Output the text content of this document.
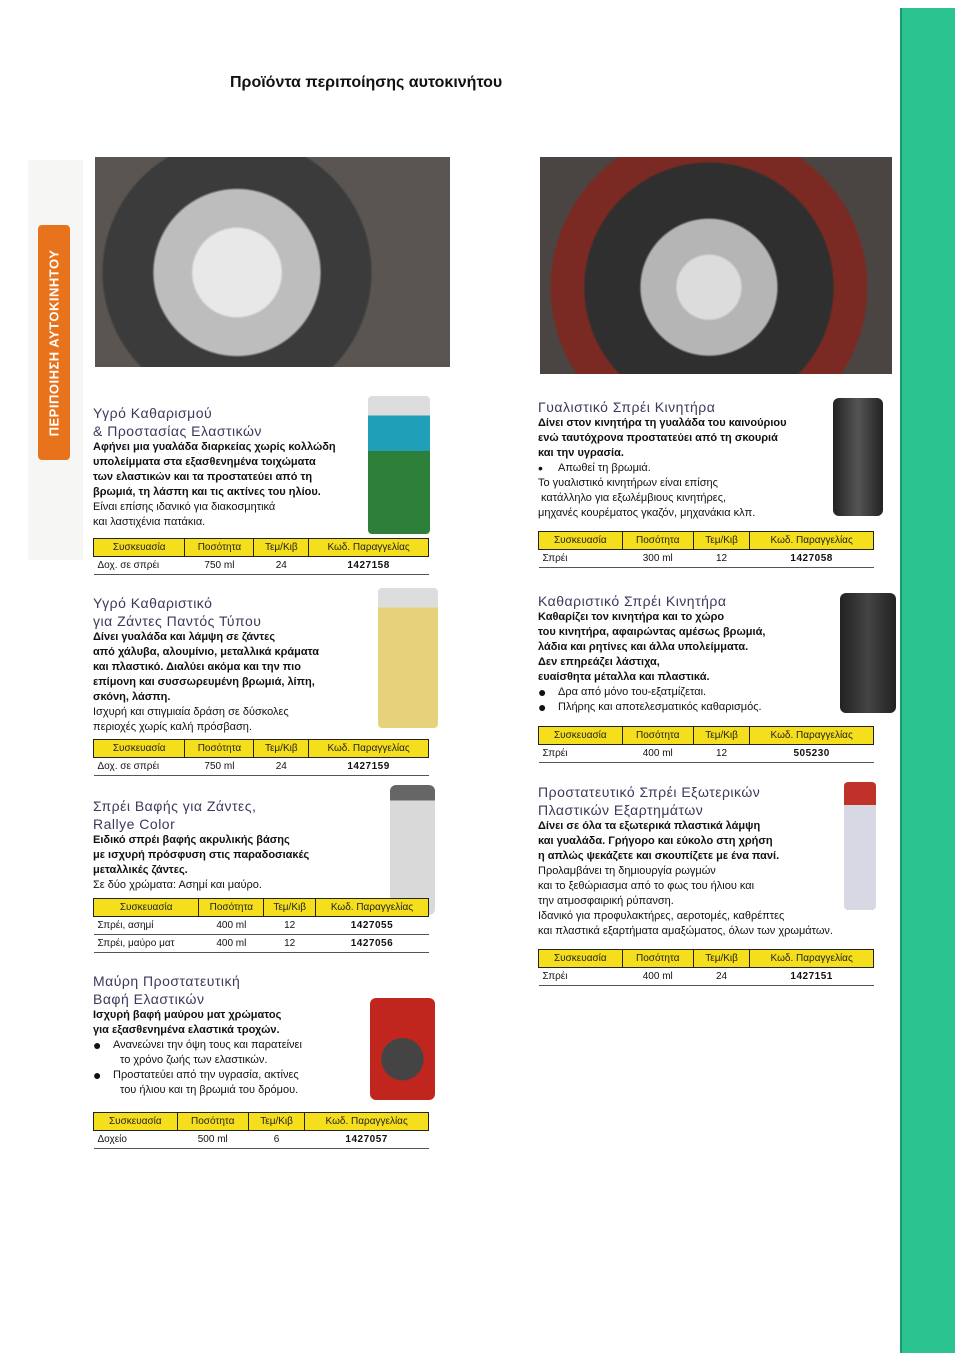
Προϊόντα περιποίησης αυτοκινήτου
ΠΕΡΙΠΟΙΗΣΗ ΑΥΤΟΚΙΝΗΤΟΥ Υγρό Καθαρισμού
& Προστασίας Ελαστικών
Αφήνει μια γυαλάδα διαρκείας χωρίς κολλώδη
υπολείμματα στα εξασθενημένα τοιχώματα
των ελαστικών και τα προστατεύει από τη
βρωμιά, τη λάσπη και τις ακτίνες του ηλίου.
Είναι επίσης ιδανικό για διακοσμητικά
και λαστιχένια πατάκια.
Συσκευασία	Ποσότητα	Τεμ/Κιβ	Κωδ. Παραγγελίας
Δοχ. σε σπρέι	750 ml	24	1427158
Γυαλιστικό Σπρέι Κινητήρα
Δίνει στον κινητήρα τη γυαλάδα του καινούριου
ενώ ταυτόχρονα προστατεύει από τη σκουριά
και την υγρασία.
•	Απωθεί τη βρωμιά.
Το γυαλιστικό κινητήρων είναι επίσης
κατάλληλο για εξωλέμβιους κινητήρες,
μηχανές κουρέματος γκαζόν, μηχανάκια κλπ.
Συσκευασία	Ποσότητα	Τεμ/Κιβ	Κωδ. Παραγγελίας
Σπρέι	300 ml	12	1427058
Υγρό Καθαριστικό
για Ζάντες Παντός Τύπου
Δίνει γυαλάδα και λάμψη σε ζάντες
από χάλυβα, αλουμίνιο, μεταλλικά κράματα
και πλαστικό. Διαλύει ακόμα και την πιο
επίμονη και συσσωρευμένη βρωμιά, λίπη,
σκόνη, λάσπη.
Ισχυρή και στιγμιαία δράση σε δύσκολες
περιοχές χωρίς καλή πρόσβαση.
Συσκευασία	Ποσότητα	Τεμ/Κιβ	Κωδ. Παραγγελίας
Δοχ. σε σπρέι	750 ml	24	1427159
Καθαριστικό Σπρέι Κινητήρα
Καθαρίζει τον κινητήρα και το χώρο
του κινητήρα, αφαιρώντας αμέσως βρωμιά,
λάδια και ρητίνες και άλλα υπολείμματα.
Δεν επηρεάζει λάστιχα,
ευαίσθητα μέταλλα και πλαστικά.
●	Δρα από μόνο του-εξατμίζεται.
●	Πλήρης και αποτελεσματικός καθαρισμός.
Συσκευασία	Ποσότητα	Τεμ/Κιβ	Κωδ. Παραγγελίας
Σπρέι	400 ml	12	505230
Σπρέι Βαφής για Ζάντες,
Rallye Color
Ειδικό σπρέι βαφής ακρυλικής βάσης
με ισχυρή πρόσφυση στις παραδοσιακές
μεταλλικές ζάντες.
Σε δύο χρώματα: Ασημί και μαύρο.
Συσκευασία	Ποσότητα	Τεμ/Κιβ	Κωδ. Παραγγελίας
Σπρέι, ασημί	400 ml	12	1427055
Σπρέι, μαύρο ματ	400 ml	12	1427056
Προστατευτικό Σπρέι Εξωτερικών
Πλαστικών Εξαρτημάτων
Δίνει σε όλα τα εξωτερικά πλαστικά λάμψη
και γυαλάδα. Γρήγορο και εύκολο στη χρήση
η απλώς ψεκάζετε και σκουπίζετε με ένα πανί.
Προλαμβάνει τη δημιουργία ρωγμών
και το ξεθώριασμα από το φως του ήλιου και
την ατμοσφαιρική ρύπανση.
Ιδανικό για προφυλακτήρες, αεροτομές, καθρέπτες
και πλαστικά εξαρτήματα αμαξώματος, όλων των χρωμάτων.
Συσκευασία	Ποσότητα	Τεμ/Κιβ	Κωδ. Παραγγελίας
Σπρέι	400 ml	24	1427151
Μαύρη Προστατευτική
Βαφή Ελαστικών
Ισχυρή βαφή μαύρου ματ χρώματος
για εξασθενημένα ελαστικά τροχών.
●	Ανανεώνει την όψη τους και παρατείνει
το χρόνο ζωής των ελαστικών.
●	Προστατεύει από την υγρασία, ακτίνες
του ήλιου και τη βρωμιά του δρόμου.
Συσκευασία	Ποσότητα	Τεμ/Κιβ	Κωδ. Παραγγελίας
Δοχείο	500 ml	6	1427057
